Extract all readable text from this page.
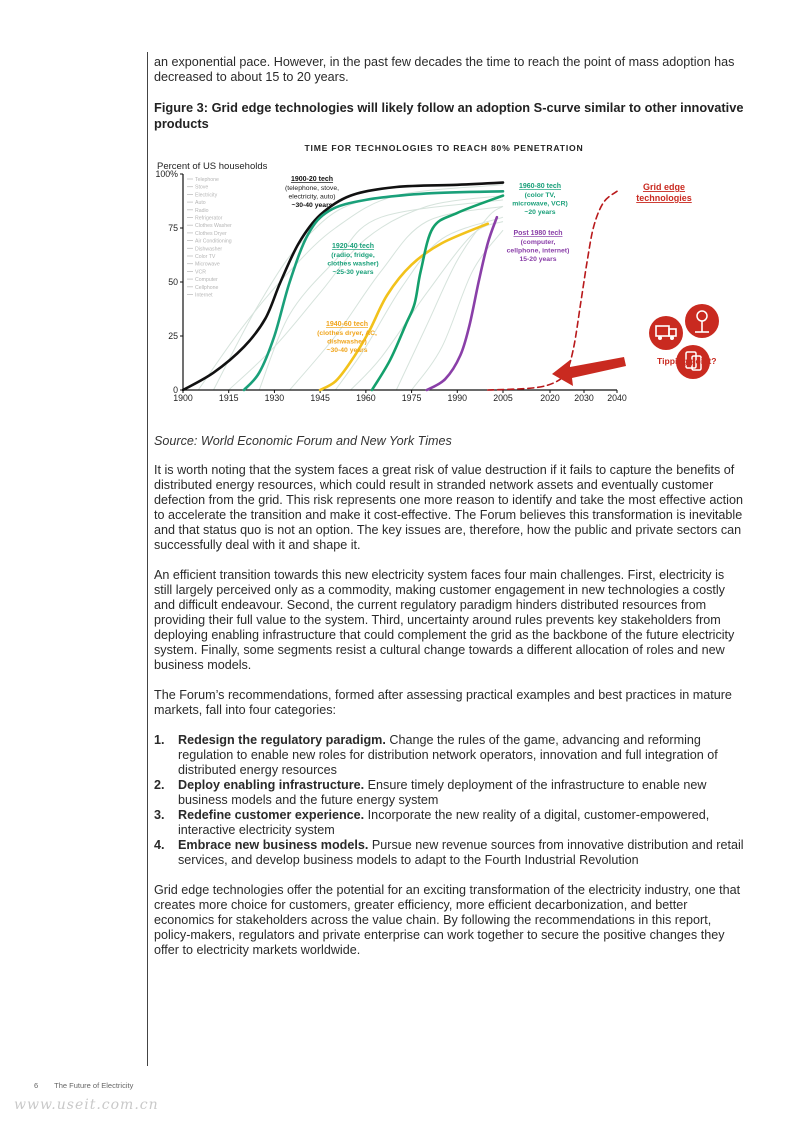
an exponential pace. However, in the past few decades the time to reach the point of mass adoption has decreased to about 15 to 20 years.

Figure 3: Grid edge technologies will likely follow an adoption S-curve similar to other innovative products
TIME FOR TECHNOLOGIES TO REACH 80% PENETRATION
Percent of US households
Telephone
Stove
Electricity
Auto
Radio
Refrigerator
Clothes Washer
Clothes Dryer
Air Conditioning
Dishwasher
Color TV
Microwave
VCR
Computer
Cellphone
Internet
0
25
50
75
100%
1900	1915	1930	1945	1960	1975	1990	2005	2020 2030 2040
1900-20 tech
(telephone, stove,
electricity, auto)
~30-40 years
1920-40 tech
(radio, fridge,
clothes washer)
~25-30 years
1940-60 tech
(clothes dryer, AC,
dishwasher)
~30-40 years
1960-80 tech
(color TV,
microwave, VCR)
~20 years
Post 1980 tech
(computer,
cellphone, internet)
15-20 years
Grid edge
technologies
Tipping point?
Source: World Economic Forum and New York Times

It is worth noting that the system faces a great risk of value destruction if it fails to capture the benefits of distributed energy resources, which could result in stranded network assets and eventually customer defection from the grid. This risk represents one more reason to identify and take the most effective action to accelerate the transition and make it cost-effective. The Forum believes this transformation is inevitable and that status quo is not an option. The key issues are, therefore, how the public and private sectors can successfully deal with it and shape it.

An efficient transition towards this new electricity system faces four main challenges. First, electricity is still largely perceived only as a commodity, making customer engagement in new technologies a costly and difficult endeavour. Second, the current regulatory paradigm hinders distributed resources from providing their full value to the system. Third, uncertainty around rules prevents key stakeholders from deploying enabling infrastructure that could complement the grid as the backbone of the future electricity system. Finally, some segments resist a cultural change towards a different allocation of roles and new business models.

The Forum’s recommendations, formed after assessing practical examples and best practices in mature markets, fall into four categories:

1. Redesign the regulatory paradigm. Change the rules of the game, advancing and reforming regulation to enable new roles for distribution network operators, innovation and full integration of distributed energy resources
2. Deploy enabling infrastructure. Ensure timely deployment of the infrastructure to enable new business models and the future energy system
3. Redefine customer experience. Incorporate the new reality of a digital, customer-empowered, interactive electricity system
4. Embrace new business models. Pursue new revenue sources from innovative distribution and retail services, and develop business models to adapt to the Fourth Industrial Revolution

Grid edge technologies offer the potential for an exciting transformation of the electricity industry, one that creates more choice for customers, greater efficiency, more efficient decarbonization, and better economics for stakeholders across the value chain. By following the recommendations in this report, policy-makers, regulators and private enterprise can work together to secure the positive changes they offer to electricity markets worldwide.

6 The Future of Electricity
www.useit.com.cn
